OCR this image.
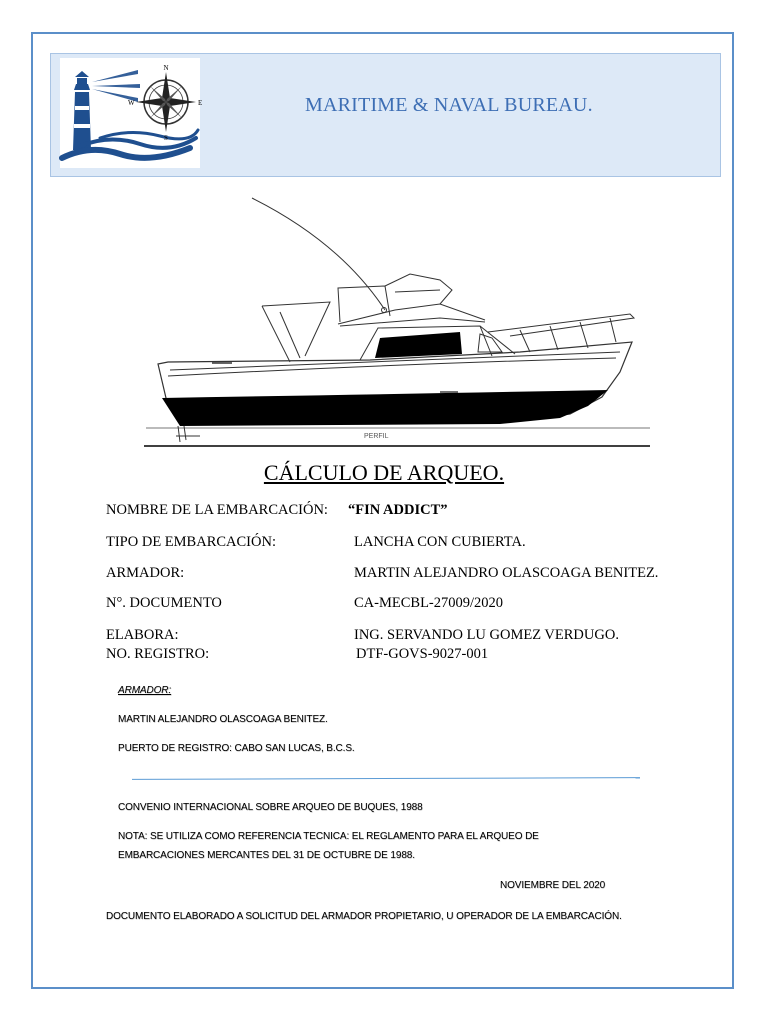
N
S
E
W	MARITIME & NAVAL BUREAU.
PERFIL
CÁLCULO DE ARQUEO.
NOMBRE DE LA EMBARCACIÓN: “FIN ADDICT”
TIPO DE EMBARCACIÓN:	LANCHA CON CUBIERTA.
ARMADOR:	MARTIN ALEJANDRO OLASCOAGA BENITEZ.
N°. DOCUMENTO	CA-MECBL-27009/2020
ELABORA:	ING. SERVANDO LU GOMEZ VERDUGO.
NO. REGISTRO:	DTF-GOVS-9027-001
ARMADOR:
MARTIN ALEJANDRO OLASCOAGA BENITEZ.
PUERTO DE REGISTRO: CABO SAN LUCAS, B.C.S.
CONVENIO INTERNACIONAL SOBRE ARQUEO DE BUQUES, 1988
NOTA: SE UTILIZA COMO REFERENCIA TECNICA: EL REGLAMENTO PARA EL ARQUEO DE
EMBARCACIONES MERCANTES DEL 31 DE OCTUBRE DE 1988.
NOVIEMBRE DEL 2020
DOCUMENTO ELABORADO A SOLICITUD DEL ARMADOR PROPIETARIO, U OPERADOR DE LA EMBARCACIÓN.
